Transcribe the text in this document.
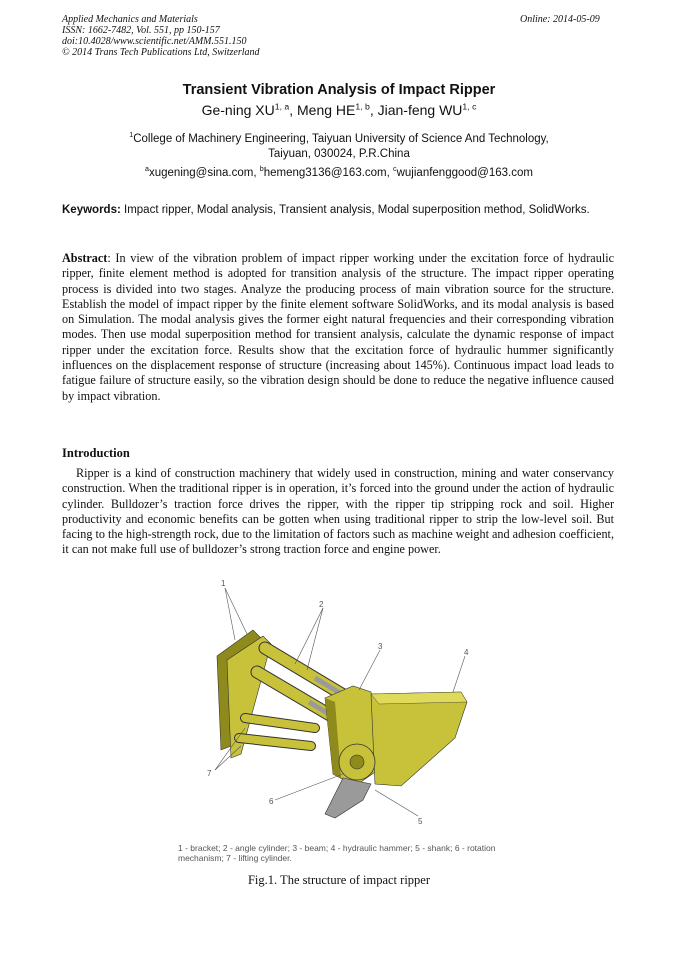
Applied Mechanics and Materials
ISSN: 1662-7482, Vol. 551, pp 150-157
doi:10.4028/www.scientific.net/AMM.551.150
© 2014 Trans Tech Publications Ltd, Switzerland
Online: 2014-05-09
Transient Vibration Analysis of Impact Ripper
Ge-ning XU$^{1, a}$, Meng HE$^{1, b}$, Jian-feng WU$^{1, c}$
$^1$College of Machinery Engineering, Taiyuan University of Science And Technology,
Taiyuan, 030024, P.R.China
$^a$xugening@sina.com, $^b$hemeng3136@163.com, $^c$wujianfenggood@163.com
Keywords: Impact ripper, Modal analysis, Transient analysis, Modal superposition method, SolidWorks.
Abstract: In view of the vibration problem of impact ripper working under the excitation force of hydraulic ripper, finite element method is adopted for transition analysis of the structure. The impact ripper operating process is divided into two stages. Analyze the producing process of main vibration source for the structure. Establish the model of impact ripper by the finite element software SolidWorks, and its modal analysis is based on Simulation. The modal analysis gives the former eight natural frequencies and their corresponding vibration modes. Then use modal superposition method for transient analysis, calculate the dynamic response of impact ripper under the excitation force. Results show that the excitation force of hydraulic hummer significantly influences on the displacement response of structure (increasing about 145%). Continuous impact load leads to fatigue failure of structure easily, so the vibration design should be done to reduce the negative influence caused by impact vibration.
Introduction
Ripper is a kind of construction machinery that widely used in construction, mining and water conservancy construction. When the traditional ripper is in operation, it’s forced into the ground under the action of hydraulic cylinder. Bulldozer’s traction force drives the ripper, with the ripper tip stripping rock and soil. Higher productivity and economic benefits can be gotten when using traditional ripper to strip the low-level soil. But facing to the high-strength rock, due to the limitation of factors such as machine weight and adhesion coefficient, it can not make full use of bulldozer’s strong traction force and engine power.
1
2
3
4
5
6
7
1 - bracket; 2 - angle cylinder; 3 - beam; 4 - hydraulic hammer; 5 - shank; 6 - rotation mechanism; 7 - lifting cylinder.
Fig.1. The structure of impact ripper
